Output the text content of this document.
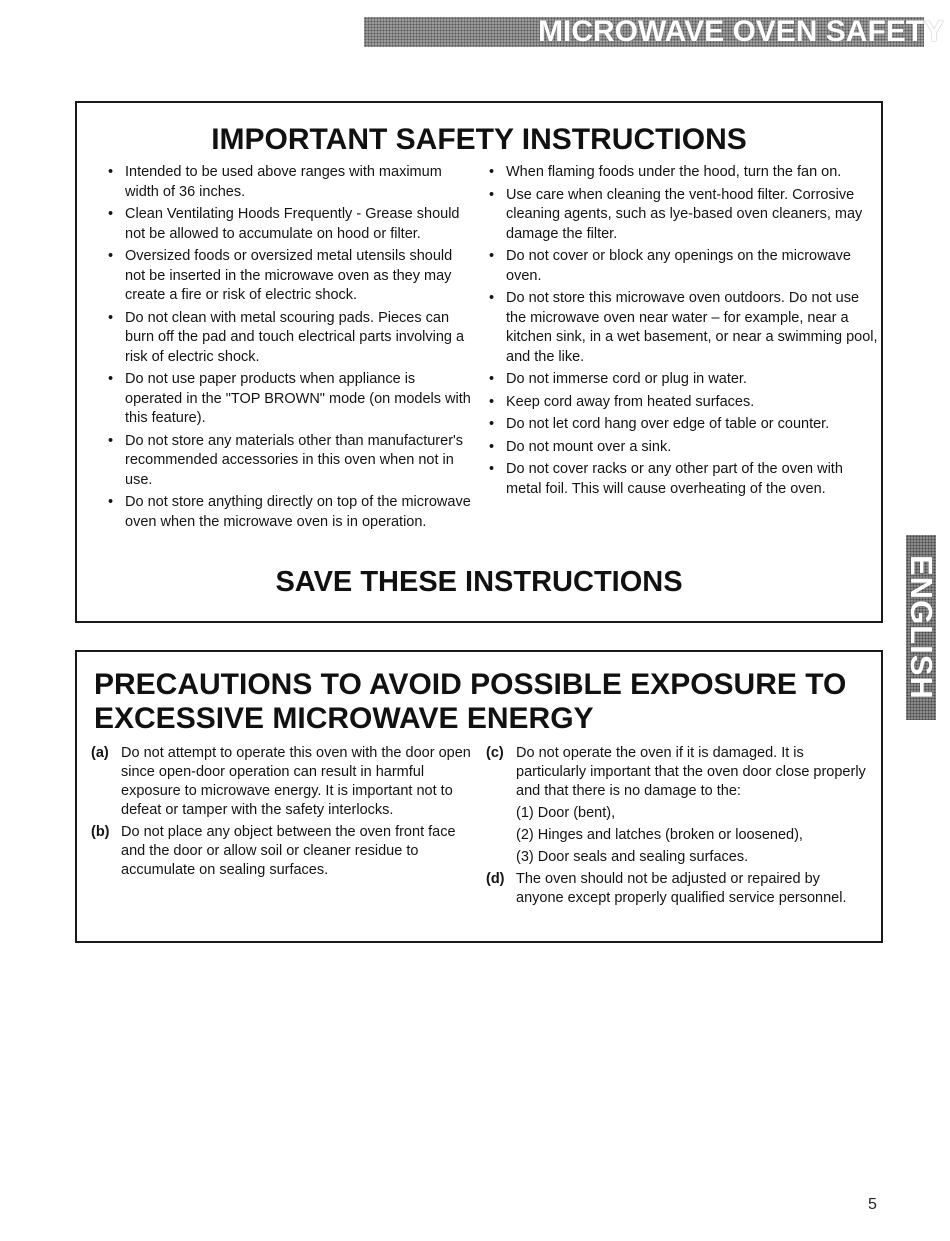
MICROWAVE OVEN SAFETY
ENGLISH
IMPORTANT SAFETY INSTRUCTIONS
• Intended to be used above ranges with maximum width of 36 inches.
• Clean Ventilating Hoods Frequently - Grease should not be allowed to accumulate on hood or filter.
• Oversized foods or oversized metal utensils should not be inserted in the microwave oven as they may create a fire or risk of electric shock.
• Do not clean with metal scouring pads. Pieces can burn off the pad and touch electrical parts involving a risk of electric shock.
• Do not use paper products when appliance is operated in the "TOP BROWN" mode (on models with this feature).
• Do not store any materials other than manufacturer's recommended accessories in this oven when not in use.
• Do not store anything directly on top of the microwave oven when the microwave oven is in operation.
• When flaming foods under the hood, turn the fan on.
• Use care when cleaning the vent-hood filter. Corrosive cleaning agents, such as lye-based oven cleaners, may damage the filter.
• Do not cover or block any openings on the microwave oven.
• Do not store this microwave oven outdoors. Do not use the microwave oven near water – for example, near a kitchen sink, in a wet basement, or near a swimming pool, and the like.
• Do not immerse cord or plug in water.
• Keep cord away from heated surfaces.
• Do not let cord hang over edge of table or counter.
• Do not mount over a sink.
• Do not cover racks or any other part of the oven with metal foil. This will cause overheating of the oven.
SAVE THESE INSTRUCTIONS
PRECAUTIONS TO AVOID POSSIBLE EXPOSURE TO
EXCESSIVE MICROWAVE ENERGY
(a) Do not attempt to operate this oven with the door open since open-door operation can result in harmful exposure to microwave energy. It is important not to defeat or tamper with the safety interlocks.
(b) Do not place any object between the oven front face and the door or allow soil or cleaner residue to accumulate on sealing surfaces.
(c) Do not operate the oven if it is damaged. It is particularly important that the oven door close properly and that there is no damage to the:
(1) Door (bent),
(2) Hinges and latches (broken or loosened),
(3) Door seals and sealing surfaces.
(d) The oven should not be adjusted or repaired by anyone except properly qualified service personnel.
5
